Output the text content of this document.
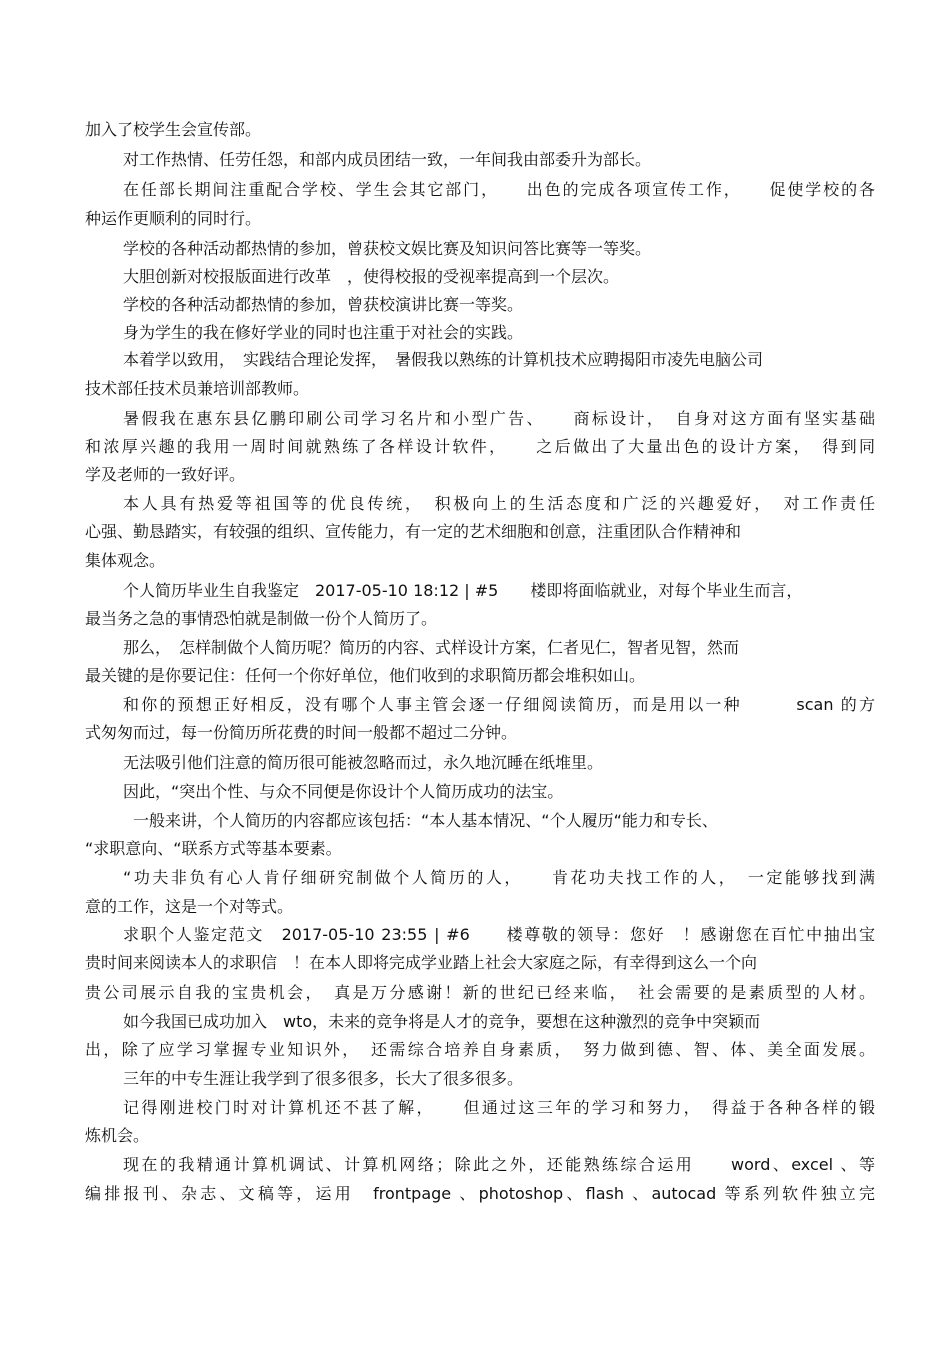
加入了校学生会宣传部。
对工作热情、任劳任怨，和部内成员团结一致，一年间我由部委升为部长。
在任部长期间注重配合学校、学生会其它部门，　　出色的完成各项宣传工作，　　促使学校的各
种运作更顺利的同时行。
学校的各种活动都热情的参加，曾获校文娱比赛及知识问答比赛等一等奖。
大胆创新对校报版面进行改革　，使得校报的受视率提高到一个层次。
学校的各种活动都热情的参加，曾获校演讲比赛一等奖。
身为学生的我在修好学业的同时也注重于对社会的实践。
本着学以致用，　实践结合理论发挥，　暑假我以熟练的计算机技术应聘揭阳市凌先电脑公司
技术部任技术员兼培训部教师。
暑假我在惠东县亿鹏印刷公司学习名片和小型广告、　　商标设计，　自身对这方面有坚实基础
和浓厚兴趣的我用一周时间就熟练了各样设计软件，　　之后做出了大量出色的设计方案，　得到同
学及老师的一致好评。
本人具有热爱等祖国等的优良传统，　积极向上的生活态度和广泛的兴趣爱好，　对工作责任
心强、勤恳踏实，有较强的组织、宣传能力，有一定的艺术细胞和创意，注重团队合作精神和
集体观念。
个人简历毕业生自我鉴定　2017-05-10 18:12 | #5　　楼即将面临就业，对每个毕业生而言，
最当务之急的事情恐怕就是制做一份个人简历了。
那么，　怎样制做个人简历呢？简历的内容、式样设计方案，仁者见仁，智者见智，然而
最关键的是你要记住：任何一个你好单位，他们收到的求职简历都会堆积如山。
和你的预想正好相反，没有哪个人事主管会逐一仔细阅读简历，而是用以一种　　　scan 的方
式匆匆而过，每一份简历所花费的时间一般都不超过二分钟。
无法吸引他们注意的简历很可能被忽略而过，永久地沉睡在纸堆里。
因此，“突出个性、与众不同便是你设计个人简历成功的法宝。
一般来讲，个人简历的内容都应该包括：“本人基本情况、“个人履历“能力和专长、
“求职意向、“联系方式等基本要素。
“功夫非负有心人肯仔细研究制做个人简历的人，　　肯花功夫找工作的人，　一定能够找到满
意的工作，这是一个对等式。
求职个人鉴定范文　2017-05-10 23:55 | #6　　楼尊敬的领导：您好　！感谢您在百忙中抽出宝
贵时间来阅读本人的求职信　！在本人即将完成学业踏上社会大家庭之际，有幸得到这么一个向
贵公司展示自我的宝贵机会，　真是万分感谢！新的世纪已经来临，　社会需要的是素质型的人材。
如今我国已成功加入　wto，未来的竞争将是人才的竞争，要想在这种激烈的竞争中突颖而
出，除了应学习掌握专业知识外，　还需综合培养自身素质，　努力做到德、智、体、美全面发展。
三年的中专生涯让我学到了很多很多，长大了很多很多。
记得刚进校门时对计算机还不甚了解，　　但通过这三年的学习和努力，　得益于各种各样的锻
炼机会。
现在的我精通计算机调试、计算机网络；除此之外，还能熟练综合运用　　word、excel 、等
编排报刊、杂志、文稿等，运用　frontpage 、photoshop、flash 、autocad 等系列软件独立完
